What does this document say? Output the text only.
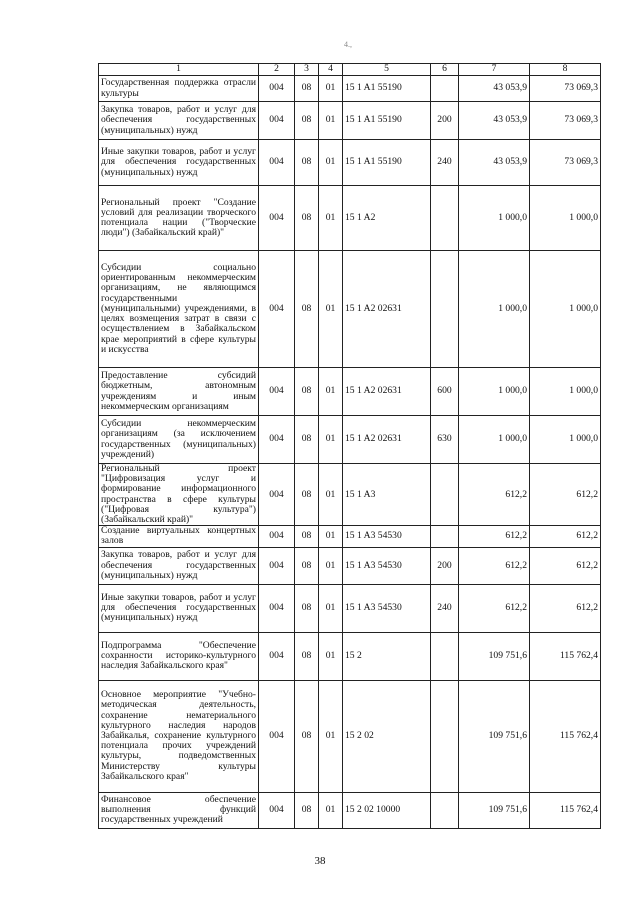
4.,
1	2	3	4	5	6	7	8
Государственная поддержка отрасли культуры	004	08	01	15 1 A1 55190		43 053,9	73 069,3
Закупка товаров, работ и услуг для обеспечения государственных (муниципальных) нужд	004	08	01	15 1 A1 55190	200	43 053,9	73 069,3
Иные закупки товаров, работ и услуг для обеспечения государственных (муниципальных) нужд	004	08	01	15 1 A1 55190	240	43 053,9	73 069,3
Региональный проект "Создание условий для реализации творческого потенциала нации ("Творческие люди") (Забайкальский край)"	004	08	01	15 1 A2		1 000,0	1 000,0
Субсидии социально ориентированным некоммерческим организациям, не являющимся государственными (муниципальными) учреждениями, в целях возмещения затрат в связи с осуществлением в Забайкальском крае мероприятий в сфере культуры и искусства	004	08	01	15 1 A2 02631		1 000,0	1 000,0
Предоставление субсидий бюджетным, автономным учреждениям и иным некоммерческим организациям	004	08	01	15 1 A2 02631	600	1 000,0	1 000,0
Субсидии некоммерческим организациям (за исключением государственных (муниципальных) учреждений)	004	08	01	15 1 A2 02631	630	1 000,0	1 000,0
Региональный проект "Цифровизация услуг и формирование информационного пространства в сфере культуры ("Цифровая культура") (Забайкальский край)"	004	08	01	15 1 A3		612,2	612,2
Создание виртуальных концертных залов	004	08	01	15 1 A3 54530		612,2	612,2
Закупка товаров, работ и услуг для обеспечения государственных (муниципальных) нужд	004	08	01	15 1 A3 54530	200	612,2	612,2
Иные закупки товаров, работ и услуг для обеспечения государственных (муниципальных) нужд	004	08	01	15 1 A3 54530	240	612,2	612,2
Подпрограмма "Обеспечение сохранности историко-культурного наследия Забайкальского края"	004	08	01	15 2		109 751,6	115 762,4
Основное мероприятие "Учебно-методическая деятельность, сохранение нематериального культурного наследия народов Забайкалья, сохранение культурного потенциала прочих учреждений культуры, подведомственных Министерству культуры Забайкальского края"	004	08	01	15 2 02		109 751,6	115 762,4
Финансовое обеспечение выполнения функций государственных учреждений	004	08	01	15 2 02 10000		109 751,6	115 762,4
38
